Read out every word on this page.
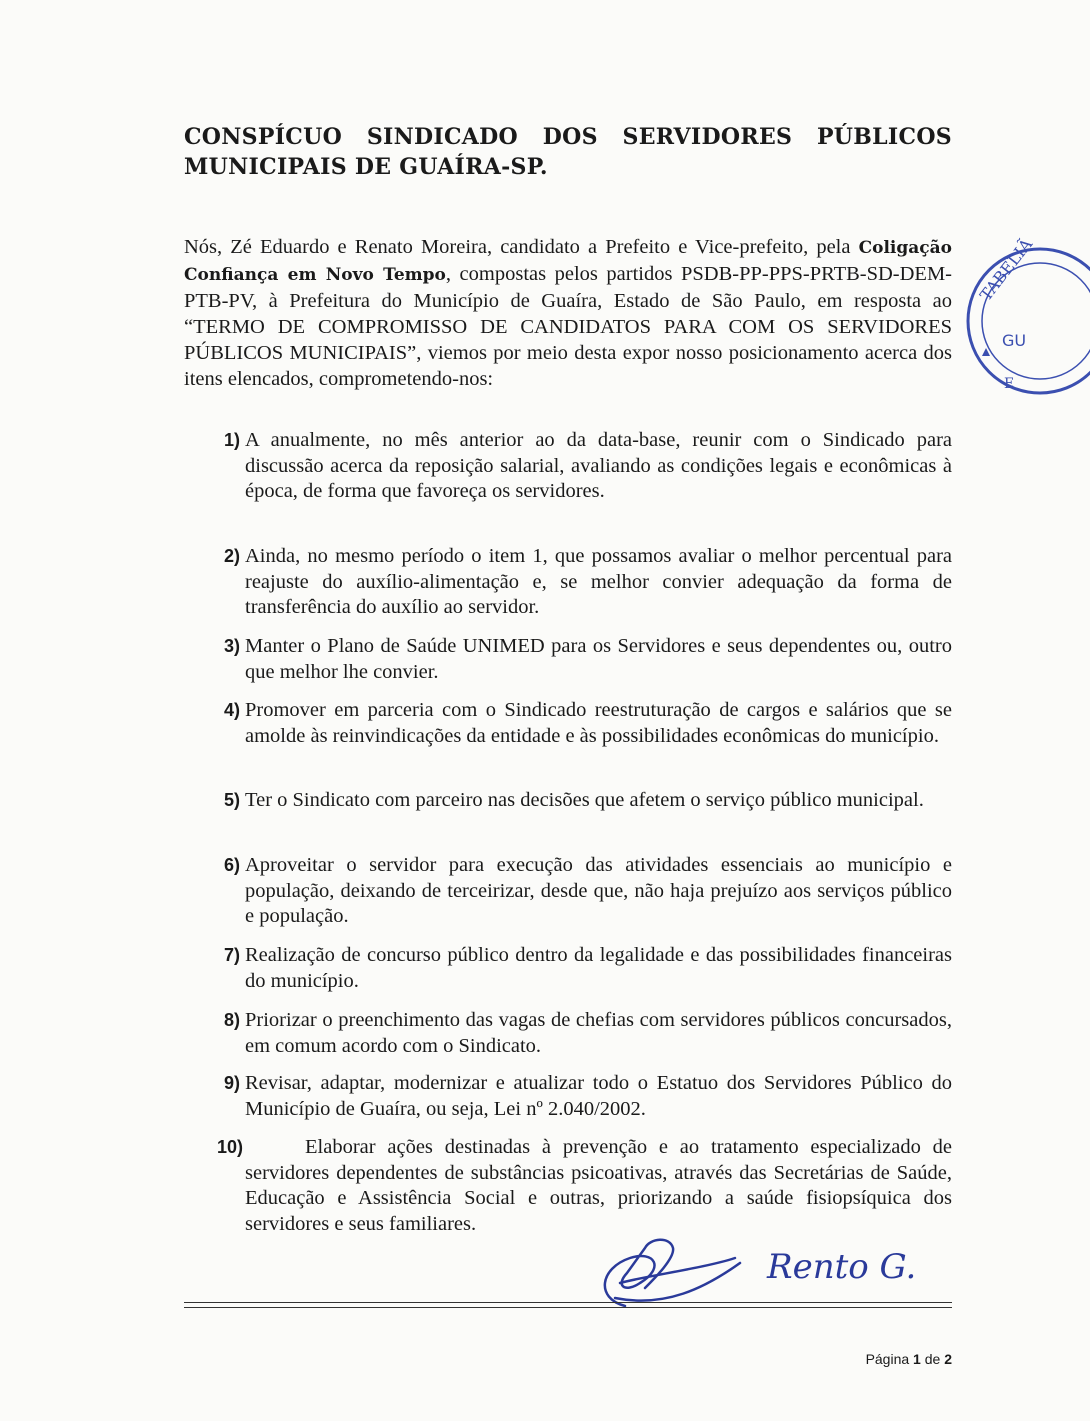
CONSPÍCUO SINDICADO DOS SERVIDORES PÚBLICOS
MUNICIPAIS DE GUAÍRA-SP.
Nós, Zé Eduardo e Renato Moreira, candidato a Prefeito e Vice-prefeito, pela Coligação Confiança em Novo Tempo, compostas pelos partidos PSDB-PP-PPS-PRTB-SD-DEM-PTB-PV, à Prefeitura do Município de Guaíra, Estado de São Paulo, em resposta ao “TERMO DE COMPROMISSO DE CANDIDATOS PARA COM OS SERVIDORES PÚBLICOS MUNICIPAIS”, viemos por meio desta expor nosso posicionamento acerca dos itens elencados, comprometendo-nos:
1) A anualmente, no mês anterior ao da data-base, reunir com o Sindicado para discussão acerca da reposição salarial, avaliando as condições legais e econômicas à época, de forma que favoreça os servidores.
2) Ainda, no mesmo período o item 1, que possamos avaliar o melhor percentual para reajuste do auxílio-alimentação e, se melhor convier adequação da forma de transferência do auxílio ao servidor.
3) Manter o Plano de Saúde UNIMED para os Servidores e seus dependentes ou, outro que melhor lhe convier.
4) Promover em parceria com o Sindicado reestruturação de cargos e salários que se amolde às reinvindicações da entidade e às possibilidades econômicas do município.
5) Ter o Sindicato com parceiro nas decisões que afetem o serviço público municipal.
6) Aproveitar o servidor para execução das atividades essenciais ao município e população, deixando de terceirizar, desde que, não haja prejuízo aos serviços público e população.
7) Realização de concurso público dentro da legalidade e das possibilidades financeiras do município.
8) Priorizar o preenchimento das vagas de chefias com servidores públicos concursados, em comum acordo com o Sindicato.
9) Revisar, adaptar, modernizar e atualizar todo o Estatuo dos Servidores Público do Município de Guaíra, ou seja, Lei nº 2.040/2002.
10)	Elaborar ações destinadas à prevenção e ao tratamento especializado de servidores dependentes de substâncias psicoativas, através das Secretárias de Saúde, Educação e Assistência Social e outras, priorizando a saúde fisiopsíquica dos servidores e seus familiares.
TABELIÃ
GU
E
Rento G.
Página 1 de 2
